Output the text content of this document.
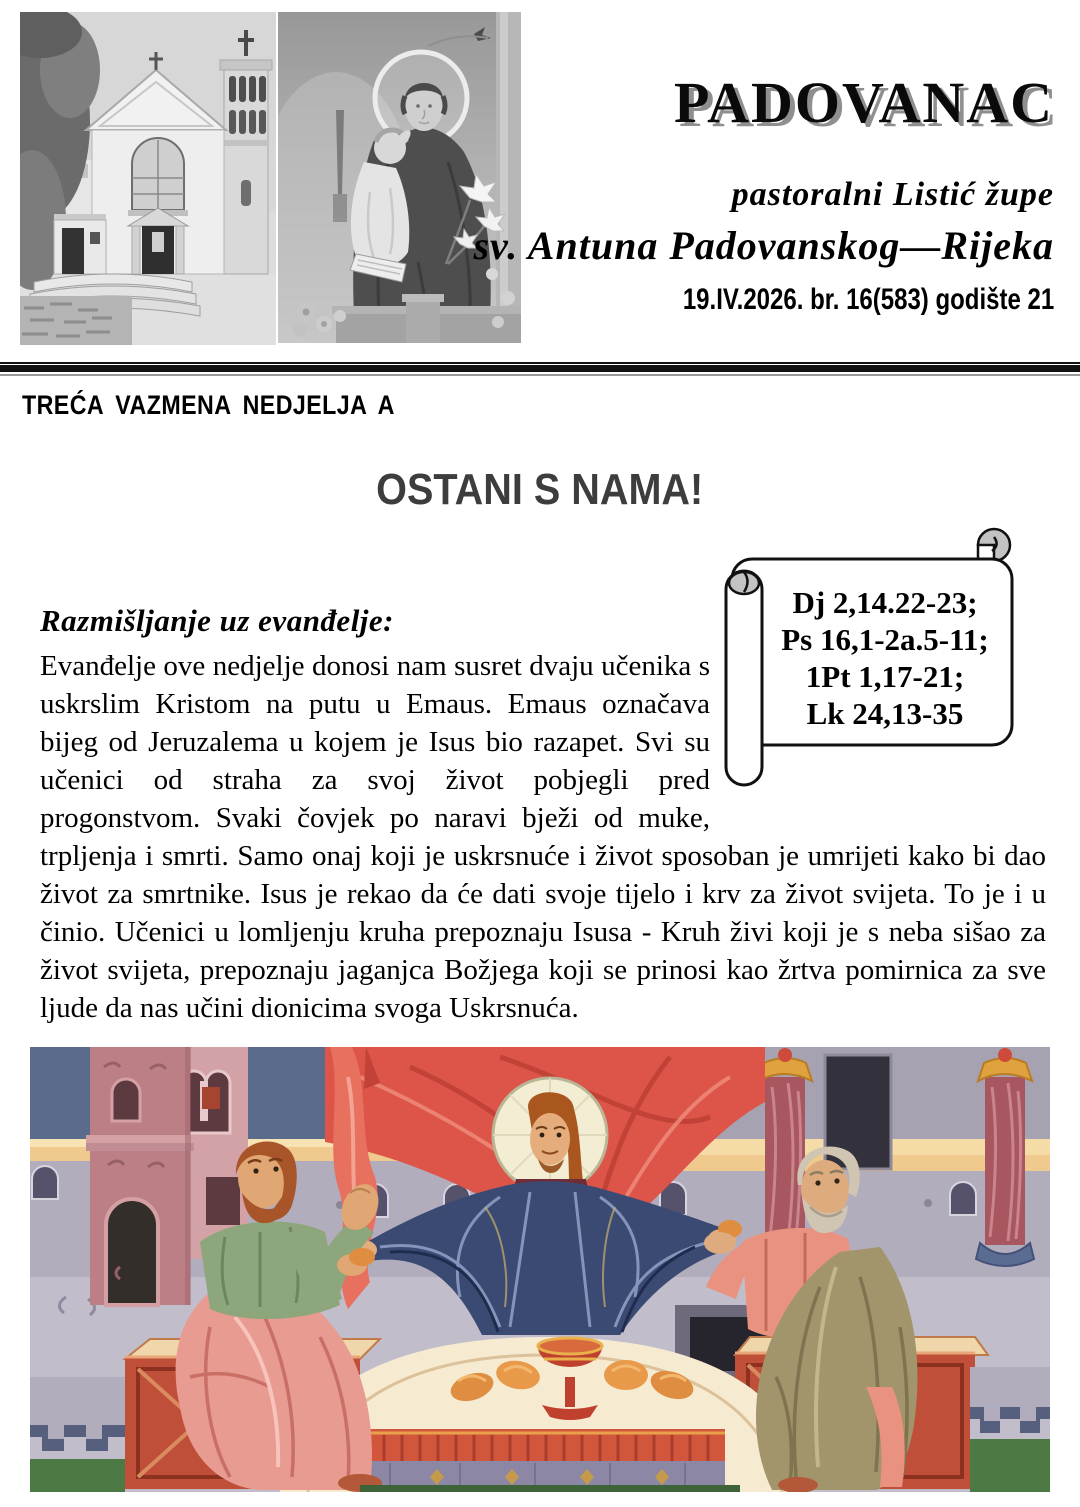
PADOVANAC
pastoralni Listić župe
sv. Antuna Padovanskog—Rijeka
19.IV.2026. br. 16(583) godište 21
TREĆA VAZMENA NEDJELJA A
OSTANI S NAMA!
Dj 2,14.22-23;
Ps 16,1-2a.5-11;
1Pt 1,17-21;
Lk 24,13-35
Razmišljanje uz evanđelje:

Evanđelje ove nedjelje donosi nam susret dvaju učenika s uskrslim Kristom na putu u Emaus. Emaus označava bijeg od Jeruzalema u kojem je Isus bio razapet. Svi su učenici od straha za svoj život pobjegli pred progonstvom. Svaki čovjek po naravi bježi od muke, trpljenja i smrti. Samo onaj koji je uskrsnuće i život sposoban je umrijeti kako bi dao život za smrtnike. Isus je rekao da će dati svoje tijelo i krv za život svijeta. To je i u činio. Učenici u lomljenju kruha prepoznaju Isusa - Kruh živi koji je s neba sišao za život svijeta, prepoznaju jaganjca Božjega koji se prinosi kao žrtva pomirnica za sve ljude da nas učini dionicima svoga Uskrsnuća.
